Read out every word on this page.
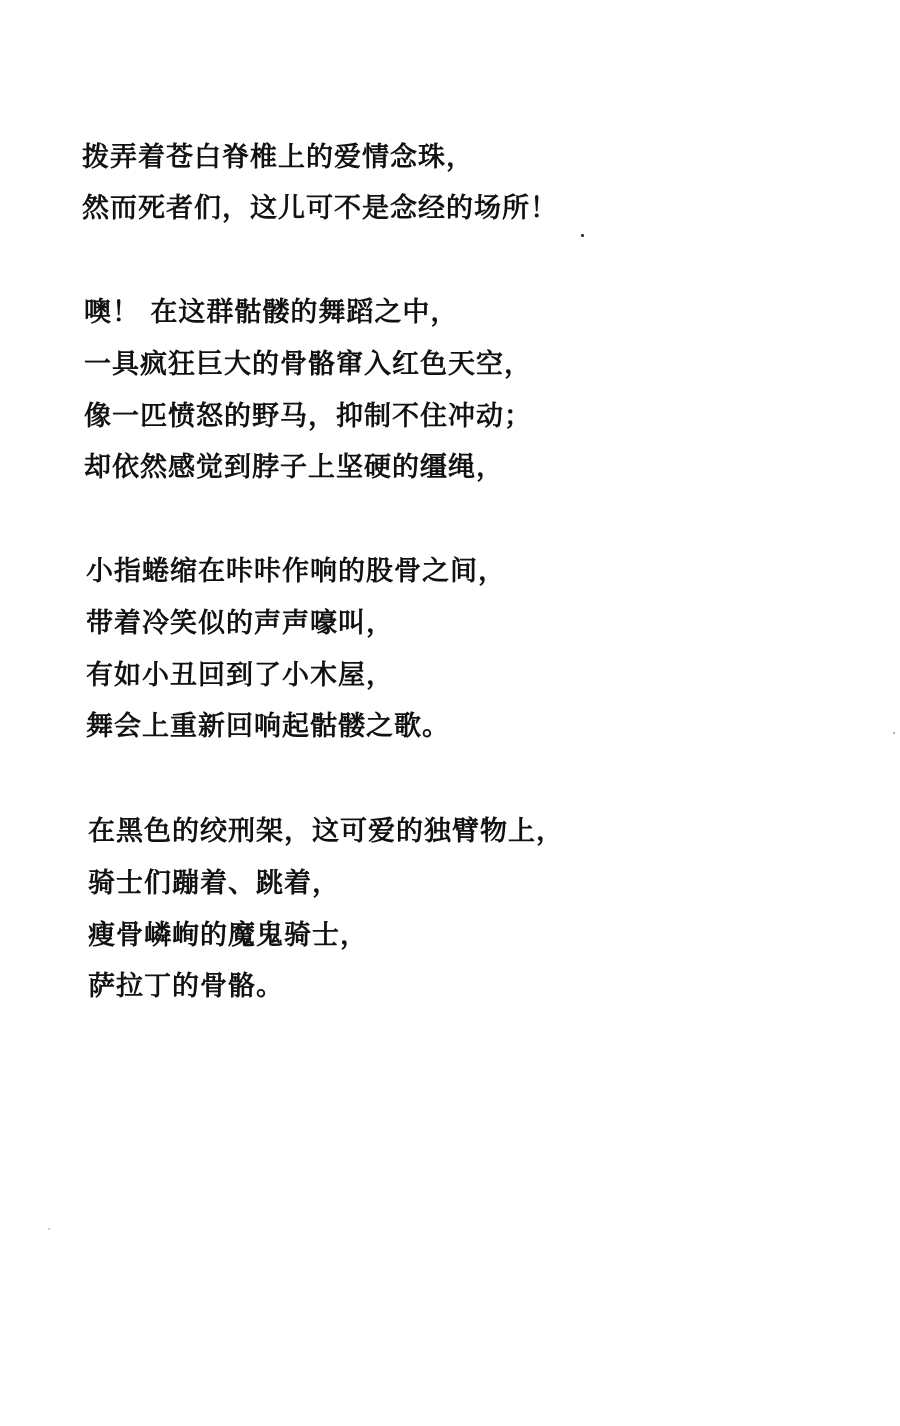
拨弄着苍白脊椎上的爱情念珠，
然而死者们，这儿可不是念经的场所！
噢！ 在这群骷髅的舞蹈之中，
一具疯狂巨大的骨骼窜入红色天空，
像一匹愤怒的野马，抑制不住冲动；
却依然感觉到脖子上坚硬的缰绳，
小指蜷缩在咔咔作响的股骨之间，
带着冷笑似的声声嚎叫，
有如小丑回到了小木屋，
舞会上重新回响起骷髅之歌。
在黑色的绞刑架，这可爱的独臂物上，
骑士们蹦着、跳着，
瘦骨嶙峋的魔鬼骑士，
萨拉丁的骨骼。
